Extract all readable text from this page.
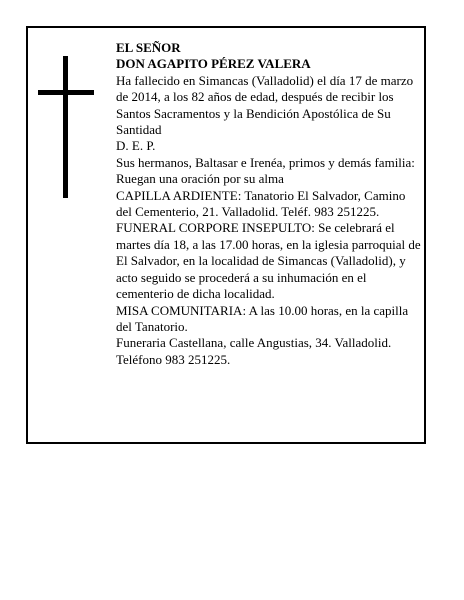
EL SEÑOR

DON AGAPITO PÉREZ VALERA

Ha fallecido en Simancas (Valladolid) el día 17 de marzo de 2014, a los 82 años de edad, después de recibir los Santos Sacramentos y la Bendición Apostólica de Su Santidad

D. E. P.

Sus hermanos, Baltasar e Irenéa, primos y demás familia:

Ruegan una oración por su alma

CAPILLA ARDIENTE: Tanatorio El Salvador, Camino del Cementerio, 21. Valladolid. Teléf. 983 251225.

FUNERAL CORPORE INSEPULTO: Se celebrará el martes día 18, a las 17.00 horas, en la iglesia parroquial de El Salvador, en la localidad de Simancas (Valladolid), y acto seguido se procederá a su inhumación en el cementerio de dicha localidad.

MISA COMUNITARIA: A las 10.00 horas, en la capilla del Tanatorio.

Funeraria Castellana, calle Angustias, 34. Valladolid. Teléfono 983 251225.
